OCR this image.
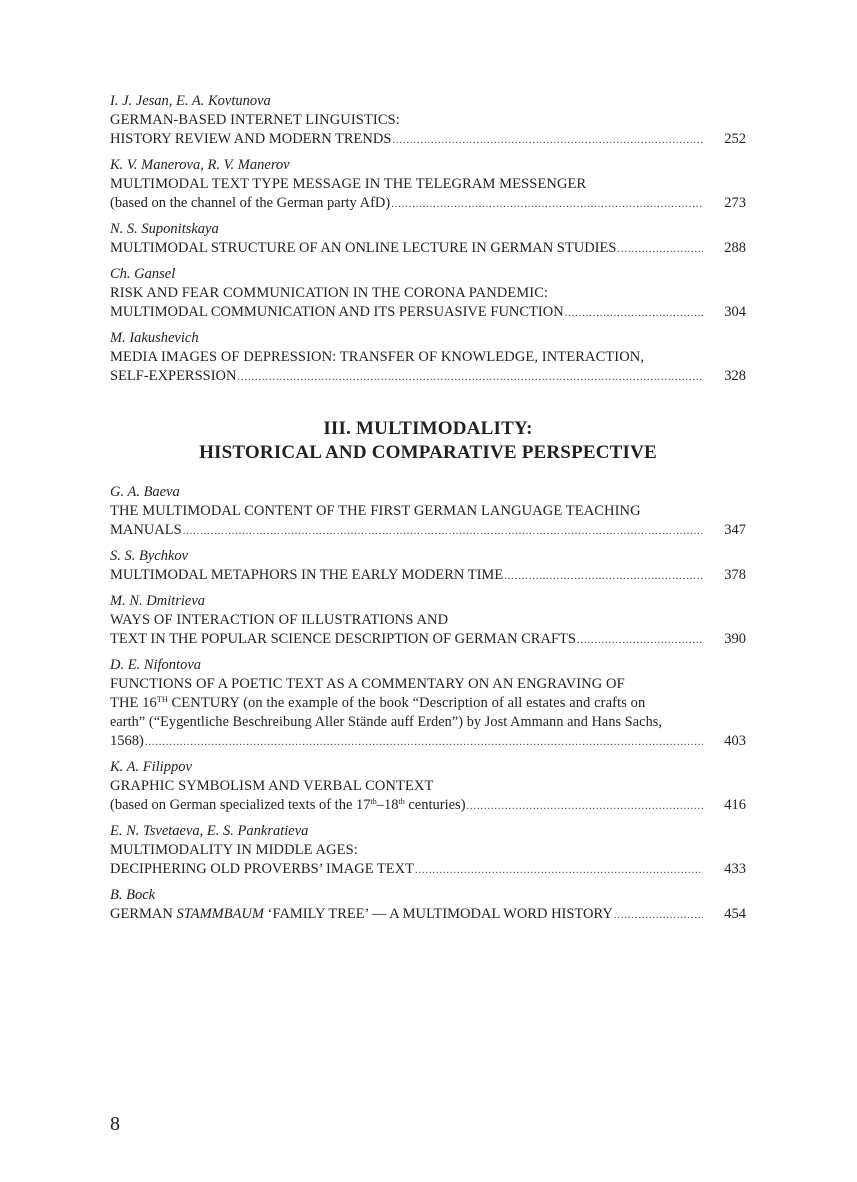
I. J. Jesan, E. A. Kovtunova
GERMAN-BASED INTERNET LINGUISTICS:
HISTORY REVIEW AND MODERN TRENDS .....	252
K. V. Manerova, R. V. Manerov
MULTIMODAL TEXT TYPE MESSAGE IN THE TELEGRAM MESSENGER
(based on the channel of the German party AfD) .....	273
N. S. Suponitskaya
MULTIMODAL STRUCTURE OF AN ONLINE LECTURE IN GERMAN STUDIES .....	288
Ch. Gansel
RISK AND FEAR COMMUNICATION IN THE CORONA PANDEMIC:
MULTIMODAL COMMUNICATION AND ITS PERSUASIVE FUNCTION .....	304
M. Iakushevich
MEDIA IMAGES OF DEPRESSION: TRANSFER OF KNOWLEDGE, INTERACTION,
SELF-EXPERSSION .....	328
III. MULTIMODALITY:
HISTORICAL AND COMPARATIVE PERSPECTIVE
G. A. Baeva
THE MULTIMODAL CONTENT OF THE FIRST GERMAN LANGUAGE TEACHING
MANUALS .....	347
S. S. Bychkov
MULTIMODAL METAPHORS IN THE EARLY MODERN TIME .....	378
M. N. Dmitrieva
WAYS OF INTERACTION OF ILLUSTRATIONS AND
TEXT IN THE POPULAR SCIENCE DESCRIPTION OF GERMAN CRAFTS .....	390
D. E. Nifontova
FUNCTIONS OF A POETIC TEXT AS A COMMENTARY ON AN ENGRAVING OF
THE 16TH CENTURY (on the example of the book “Description of all estates and crafts on
earth” (“Eygentliche Beschreibung Aller Stände auff Erden”) by Jost Ammann and Hans Sachs,
1568) .....	403
K. A. Filippov
GRAPHIC SYMBOLISM AND VERBAL CONTEXT
(based on German specialized texts of the 17th–18th centuries) .....	416
E. N. Tsvetaeva, E. S. Pankratieva
MULTIMODALITY IN MIDDLE AGES:
DECIPHERING OLD PROVERBS’ IMAGE TEXT .....	433
B. Bock
GERMAN STAMMBAUM ‘FAMILY TREE’ — A MULTIMODAL WORD HISTORY .....	454
8
